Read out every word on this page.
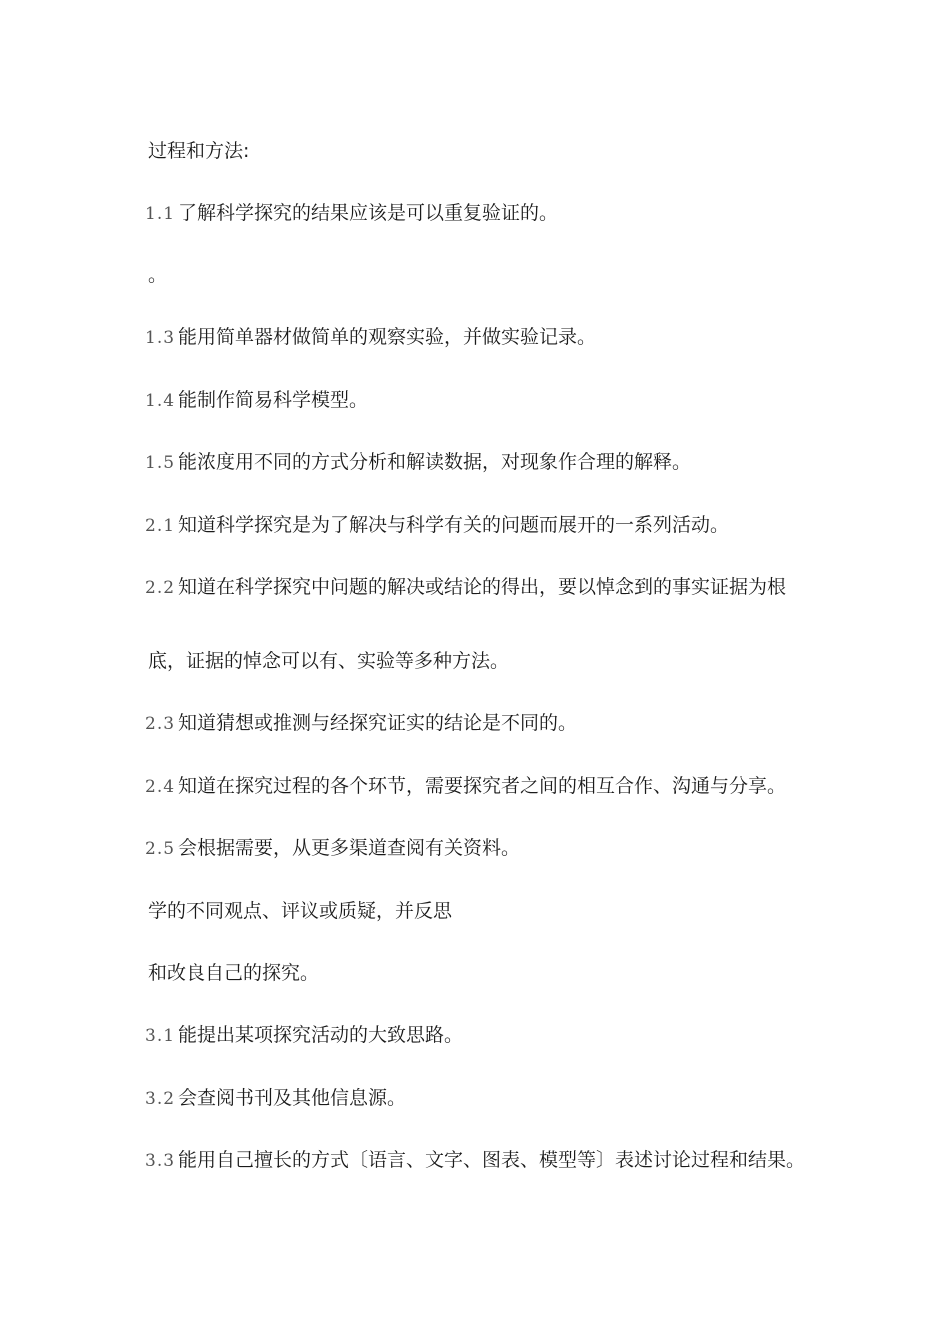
过程和方法:
1.1 了解科学探究的结果应该是可以重复验证的。
。
1.3 能用简单器材做简单的观察实验，并做实验记录。
1.4 能制作简易科学模型。
1.5 能浓度用不同的方式分析和解读数据，对现象作合理的解释。
2.1 知道科学探究是为了解决与科学有关的问题而展开的一系列活动。
2.2 知道在科学探究中问题的解决或结论的得出，要以悼念到的事实证据为根
底，证据的悼念可以有、实验等多种方法。
2.3 知道猜想或推测与经探究证实的结论是不同的。
2.4 知道在探究过程的各个环节，需要探究者之间的相互合作、沟通与分享。
2.5 会根据需要，从更多渠道查阅有关资料。
学的不同观点、评议或质疑，并反思
和改良自己的探究。
3.1 能提出某项探究活动的大致思路。
3.2 会查阅书刊及其他信息源。
3.3 能用自己擅长的方式〔语言、文字、图表、模型等〕表述讨论过程和结果。
